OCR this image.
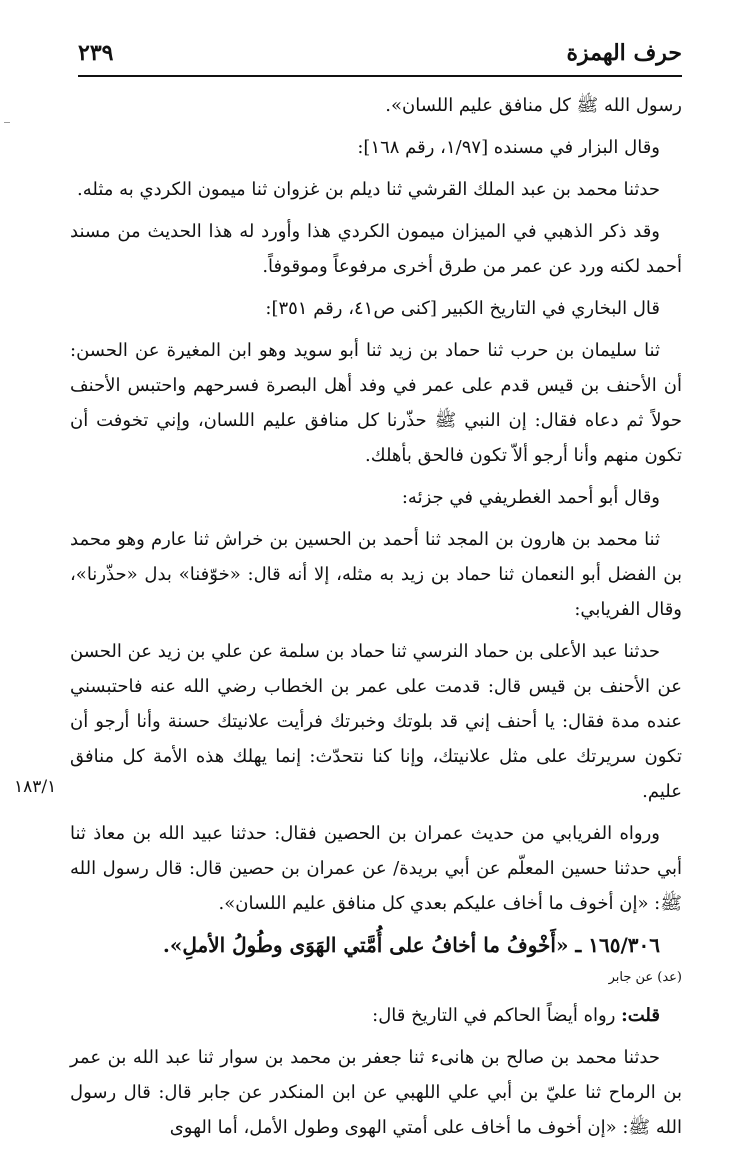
حرف الهمزة
٢٣٩
١٨٣/١

رسول الله ﷺ كل منافق عليم اللسان».

وقال البزار في مسنده [١/٩٧، رقم ١٦٨]:

حدثنا محمد بن عبد الملك القرشي ثنا ديلم بن غزوان ثنا ميمون الكردي به مثله.

وقد ذكر الذهبي في الميزان ميمون الكردي هذا وأورد له هذا الحديث من مسند أحمد لكنه ورد عن عمر من طرق أخرى مرفوعاً وموقوفاً.

قال البخاري في التاريخ الكبير [كنى ص٤١، رقم ٣٥١]:

ثنا سليمان بن حرب ثنا حماد بن زيد ثنا أبو سويد وهو ابن المغيرة عن الحسن: أن الأحنف بن قيس قدم على عمر في وفد أهل البصرة فسرحهم واحتبس الأحنف حولاً ثم دعاه فقال: إن النبي ﷺ حذّرنا كل منافق عليم اللسان، وإني تخوفت أن تكون منهم وأنا أرجو ألاّ تكون فالحق بأهلك.

وقال أبو أحمد الغطريفي في جزئه:

ثنا محمد بن هارون بن المجد ثنا أحمد بن الحسين بن خراش ثنا عارم وهو محمد بن الفضل أبو النعمان ثنا حماد بن زيد به مثله، إلا أنه قال: «خوّفنا» بدل «حذّرنا»، وقال الفريابي:

حدثنا عبد الأعلى بن حماد النرسي ثنا حماد بن سلمة عن علي بن زيد عن الحسن عن الأحنف بن قيس قال: قدمت على عمر بن الخطاب رضي الله عنه فاحتبسني عنده مدة فقال: يا أحنف إني قد بلوتك وخبرتك فرأيت علانيتك حسنة وأنا أرجو أن تكون سريرتك على مثل علانيتك، وإنا كنا نتحدّث: إنما يهلك هذه الأمة كل منافق عليم.

ورواه الفريابي من حديث عمران بن الحصين فقال: حدثنا عبيد الله بن معاذ ثنا أبي حدثنا حسين المعلّم عن أبي بريدة/ عن عمران بن حصين قال: قال رسول الله ﷺ: «إن أخوف ما أخاف عليكم بعدي كل منافق عليم اللسان».

١٦٥/٣٠٦ ـ «أَخْوفُ ما أخافُ على أُمَّتي الهَوَى وطُولُ الأملِ».

(عد) عن جابر

قلت: رواه أيضاً الحاكم في التاريخ قال:

حدثنا محمد بن صالح بن هانىء ثنا جعفر بن محمد بن سوار ثنا عبد الله بن عمر بن الرماح ثنا عليّ بن أبي علي اللهبي عن ابن المنكدر عن جابر قال: قال رسول الله ﷺ: «إن أخوف ما أخاف على أمتي الهوى وطول الأمل، أما الهوى
